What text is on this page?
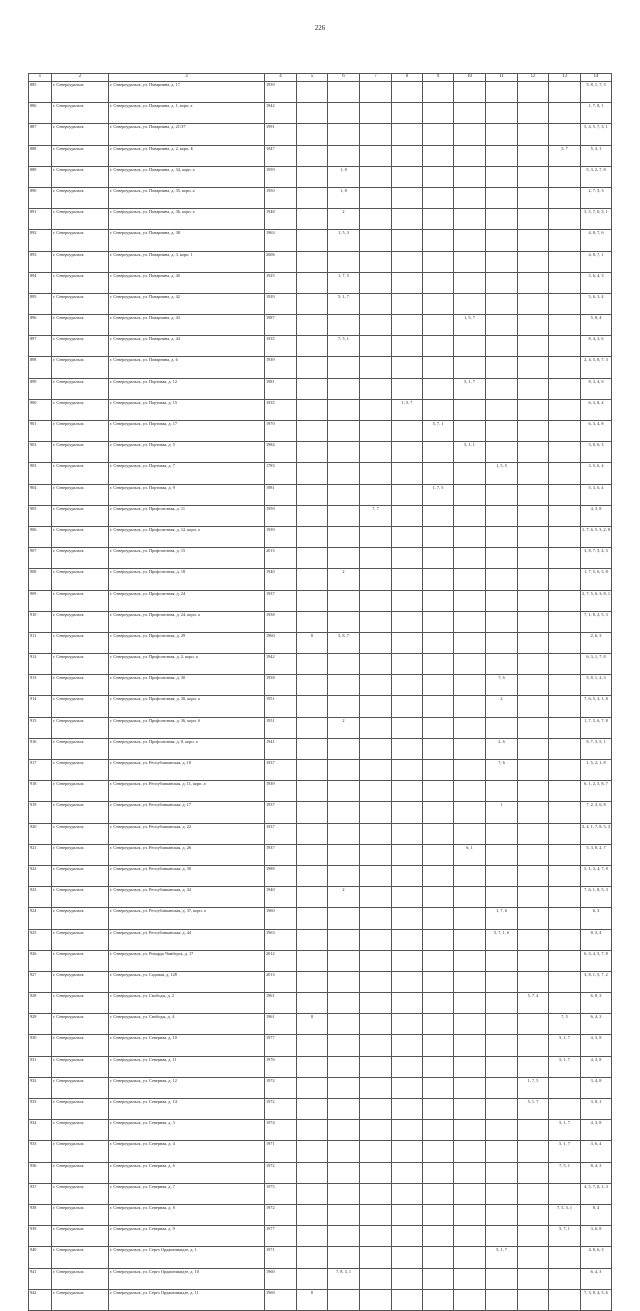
226
1	2	3	4	5	6	7	8	9	10	11	12	13	14
885	г. Североуральск	г. Североуральск, ул. Поварнина, д. 17	1939										5, 8, 1, 7, 3
886	г. Североуральск	г. Североуральск, ул. Поварнина, д. 1, корп. а	1942										1, 7, 8, 1
887	г. Североуральск	г. Североуральск, ул. Поварнина, д. 21/37	1991										5, 4, 5, 7, 3, 1
888	г. Североуральск	г. Североуральск, ул. Поварнина, д. 2, корп. Б	1947									5, 7	5, 3, 1
889	г. Североуральск	г. Североуральск, ул. Поварнина, д. 34, корп. а	1959		1, 8								5, 3, 2, 7, 8
890	г. Североуральск	г. Североуральск, ул. Поварнина, д. 35, корп. а	1950		1, 8								2, 7, 5, 3
891	г. Североуральск	г. Североуральск, ул. Поварнина, д. 36, корп. а	1948		2								3, 5, 7, 6, 5, 1
892	г. Североуральск	г. Североуральск, ул. Поварнина, д. 38	1963		1, 5, 3								4, 8, 7, 6
893	г. Североуральск	г. Североуральск, ул. Поварнина, д. 3, корп. 1	2006										4, 8, 7, 1
894	г. Североуральск	г. Североуральск, ул. Поварнина, д. 40	1925		1, 7, 5								5, 6, 4, 3
895	г. Североуральск	г. Североуральск, ул. Поварнина, д. 42	1939		5, 1, 7								5, 6, 3, 4
896	г. Североуральск	г. Североуральск, ул. Поварнина, д. 43	1987						1, 5, 7				5, 8, 4
897	г. Североуральск	г. Североуральск, ул. Поварнина, д. 44	1935		7, 5, 1								8, 4, 3, 6
898	г. Североуральск	г. Североуральск, ул. Поварнина, д. 6	1939										2, 4, 5, 8, 7, 3
899	г. Североуральск	г. Североуральск, ул. Портовая, д. 12	1981						5, 1, 7				8, 3, 4, 6
900	г. Североуральск	г. Североуральск, ул. Портовая, д. 15	1935				1, 5, 7						6, 3, 8, 4
901	г. Североуральск	г. Североуральск, ул. Портовая, д. 17	1970					5, 7, 1					6, 3, 4, 8
902	г. Североуральск	г. Североуральск, ул. Портовая, д. 5	1984						5, 1, 1				3, 8, 6, 3
903	г. Североуральск	г. Североуральск, ул. Портовая, д. 7	1783							1, 5, 5			3, 5, 6, 4
904	г. Североуральск	г. Североуральск, ул. Портовая, д. 9	1981					1, 7, 5					5, 3, 6, 4
905	г. Североуральск	г. Североуральск, ул. Профсоюзная, д. 11	1959			7, 7							4, 3, 8
906	г. Североуральск	г. Североуральск, ул. Профсоюзная, д. 12, корп. а	1939										1, 7, 6, 5, 3, 2, 8
907	г. Североуральск	г. Североуральск, ул. Профсоюзная, д. 15	2015										3, 8, 7, 5, 4, 3
908	г. Североуральск	г. Североуральск, ул. Профсоюзная, д. 18	1940		2								1, 7, 5, 6, 5, 8
909	г. Североуральск	г. Североуральск, ул. Профсоюзная, д. 24	1937										2, 7, 5, 6, 3, 8, 1
910	г. Североуральск	г. Североуральск, ул. Профсоюзная, д. 24, корп. а	1938										7, 1, 8, 2, 5, 3
911	г. Североуральск	г. Североуральск, ул. Профсоюзная, д. 29	1960	8	5, 8, 7								2, 6, 3
912	г. Североуральск	г. Североуральск, ул. Профсоюзная, д. 2, корп. а	1942										6, 3, 1, 7, 8
913	г. Североуральск	г. Североуральск, ул. Профсоюзная, д. 30	1938							7, 6			5, 8, 1, 2, 3
914	г. Североуральск	г. Североуральск, ул. Профсоюзная, д. 30, корп. а	1951							2			7, 6, 5, 3, 1, 8
915	г. Североуральск	г. Североуральск, ул. Профсоюзная, д. 36, корп. б	1951		2								1, 7, 5, 6, 7, 8
916	г. Североуральск	г. Североуральск, ул. Профсоюзная, д. 8, корп. а	1941							2, 6			8, 7, 3, 5, 1
917	г. Североуральск	г. Североуральск, ул. Республиканская, д. 10	1937							7, 6			1, 5, 2, 1, 8
918	г. Североуральск	г. Североуральск, ул. Республиканская, д. 11, корп. а	1939										6, 1, 2, 5, 8, 7
919	г. Североуральск	г. Североуральск, ул. Республиканская, д. 17	1937							1			7, 2, 3, 6, 8
920	г. Североуральск	г. Североуральск, ул. Республиканская, д. 22	1937										2, 4, 1, 7, 8, 5, 3
921	г. Североуральск	г. Североуральск, ул. Республиканская, д. 26	1937						6, 1				5, 3, 8, 2, 7
922	г. Североуральск	г. Североуральск, ул. Республиканская, д. 30	1988										5, 1, 3, 4, 7, 8
923	г. Североуральск	г. Североуральск, ул. Республиканская, д. 34	1940		2								7, 6, 1, 8, 5, 3
924	г. Североуральск	г. Североуральск, ул. Республиканская, д. 37, корп. а	1960							1, 7, 6			6, 3
925	г. Североуральск	г. Североуральск, ул. Республиканская, д. 44	1963							5, 7, 1, 6			8, 3, 4
926	г. Североуральск	г. Североуральск, ул. Рихарда Чамберса, д. 17	2012										6, 3, 4, 5, 7, 8
927	г. Североуральск	г. Североуральск, ул. Садовая, д. 128	2013										3, 8, 1, 5, 7, 2
928	г. Североуральск	г. Североуральск, ул. Свободы, д. 2	1961								5, 7, 4		6, 8, 3
929	г. Североуральск	г. Североуральск, ул. Свободы, д. 4	1961	8								7, 5	6, 4, 3
930	г. Североуральск	г. Североуральск, ул. Северная, д. 10	1977									5, 1, 7	4, 3, 8
931	г. Североуральск	г. Североуральск, ул. Северная, д. 11	1976									5, 1, 7	4, 3, 8
932	г. Североуральск	г. Североуральск, ул. Северная, д. 12	1972								1, 7, 5		3, 4, 8
933	г. Североуральск	г. Североуральск, ул. Северная, д. 14	1972								5, 1, 7		3, 8, 1
934	г. Североуральск	г. Североуральск, ул. Северная, д. 3	1974									5, 1, 7	4, 3, 8
935	г. Североуральск	г. Североуральск, ул. Северная, д. 4	1971									5, 1, 7	3, 6, 4
936	г. Североуральск	г. Североуральск, ул. Северная, д. 6	1972									7, 5, 1	8, 4, 3
937	г. Североуральск	г. Североуральск, ул. Северная, д. 7	1975										4, 5, 7, 8, 1, 3
938	г. Североуральск	г. Североуральск, ул. Северная, д. 8	1972									7, 5, 3, 1	8, 4
939	г. Североуральск	г. Североуральск, ул. Северная, д. 9	1977									5, 7, 1	3, 6, 8
940	г. Североуральск	г. Североуральск, ул. Серго Орджоникидзе, д. 1	1971							5, 1, 7			4, 8, 6, 3
941	г. Североуральск	г. Североуральск, ул. Серго Орджоникидзе, д. 10	1960		7, 8, 3, 1								6, 4, 3
942	г. Североуральск	г. Североуральск, ул. Серго Орджоникидзе, д. 11	1960	8									7, 3, 8, 4, 5, 6
